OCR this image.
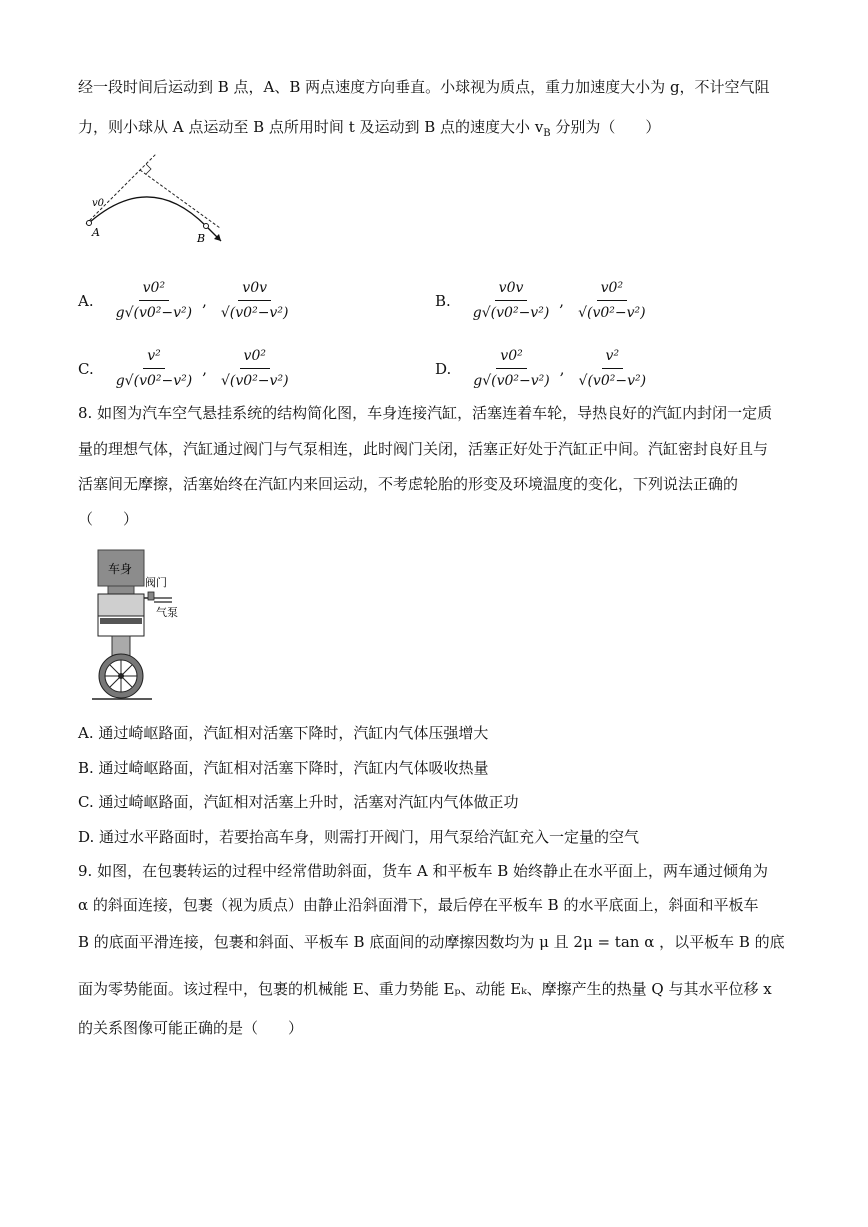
经一段时间后运动到 B 点，A、B 两点速度方向垂直。小球视为质点，重力加速度大小为 g，不计空气阻
力，则小球从 A 点运动至 B 点所用时间 t 及运动到 B 点的速度大小 $v_B$ 分别为（　　）
v0
A	B
A. $\frac{\text{v0²}}{\text{g√(v0²−v²)}}$ , $\frac{v0v}{\text{√(v0²−v²)}}$	B. $\frac{v0v}{\text{g√(v0²−v²)}}$ , $\frac{\text{v0²}}{\text{√(v0²−v²)}}$
C. $\frac{\text{v²}}{\text{g√(v0²−v²)}}$ , $\frac{\text{v0²}}{\text{√(v0²−v²)}}$	D. $\frac{\text{v0²}}{\text{g√(v0²−v²)}}$ , $\frac{\text{v²}}{\text{√(v0²−v²)}}$
8. 如图为汽车空气悬挂系统的结构简化图，车身连接汽缸，活塞连着车轮，导热良好的汽缸内封闭一定质
量的理想气体，汽缸通过阀门与气泵相连，此时阀门关闭，活塞正好处于汽缸正中间。汽缸密封良好且与
活塞间无摩擦，活塞始终在汽缸内来回运动，不考虑轮胎的形变及环境温度的变化，下列说法正确的
（　　）
车身
阀门
气泵
A. 通过崎岖路面，汽缸相对活塞下降时，汽缸内气体压强增大
B. 通过崎岖路面，汽缸相对活塞下降时，汽缸内气体吸收热量
C. 通过崎岖路面，汽缸相对活塞上升时，活塞对汽缸内气体做正功
D. 通过水平路面时，若要抬高车身，则需打开阀门，用气泵给汽缸充入一定量的空气
9. 如图，在包裹转运的过程中经常借助斜面，货车 A 和平板车 B 始终静止在水平面上，两车通过倾角为
α 的斜面连接，包裹（视为质点）由静止沿斜面滑下，最后停在平板车 B 的水平底面上，斜面和平板车
B 的底面平滑连接，包裹和斜面、平板车 B 底面间的动摩擦因数均为 μ 且 2μ = tan α ，以平板车 B 的底
面为零势能面。该过程中，包裹的机械能 E、重力势能 Eₚ、动能 Eₖ、摩擦产生的热量 Q 与其水平位移 x
的关系图像可能正确的是（　　）
